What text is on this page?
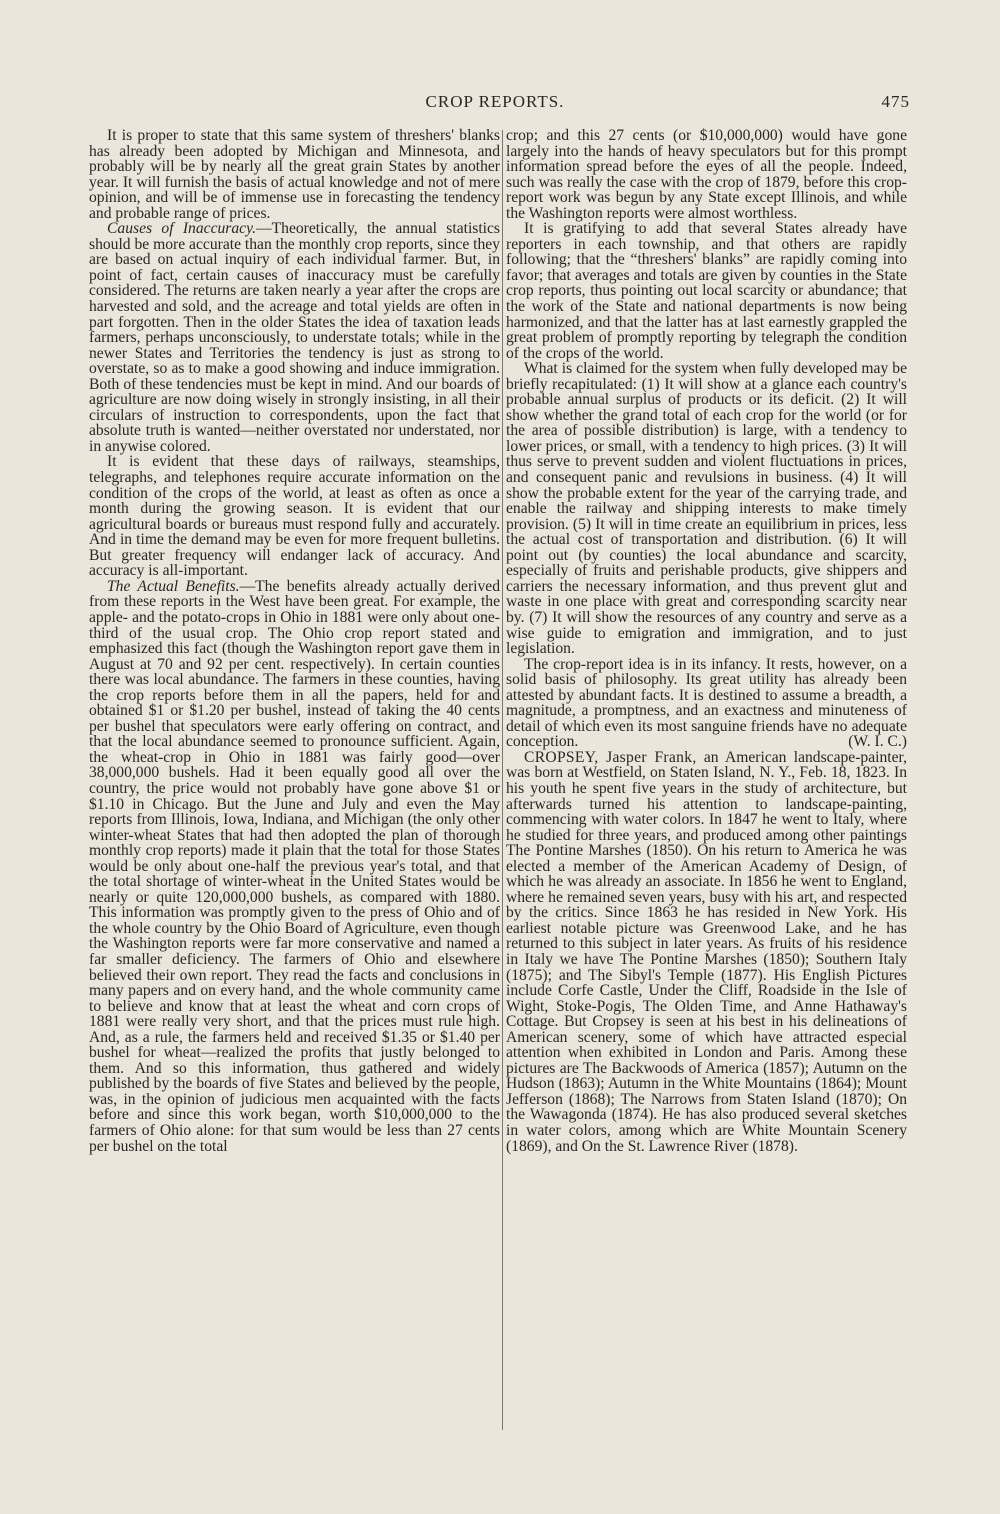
CROP REPORTS.	475

It is proper to state that this same system of threshers' blanks has already been adopted by Michigan and Minnesota, and probably will be by nearly all the great grain States by another year. It will furnish the basis of actual knowledge and not of mere opinion, and will be of immense use in forecasting the tendency and probable range of prices.

Causes of Inaccuracy.—Theoretically, the annual statistics should be more accurate than the monthly crop reports, since they are based on actual inquiry of each individual farmer. But, in point of fact, certain causes of inaccuracy must be carefully considered. The returns are taken nearly a year after the crops are harvested and sold, and the acreage and total yields are often in part forgotten. Then in the older States the idea of taxation leads farmers, perhaps unconsciously, to understate totals; while in the newer States and Territories the tendency is just as strong to overstate, so as to make a good showing and induce immigration. Both of these tendencies must be kept in mind. And our boards of agriculture are now doing wisely in strongly insisting, in all their circulars of instruction to correspondents, upon the fact that absolute truth is wanted—neither overstated nor understated, nor in anywise colored.

It is evident that these days of railways, steamships, telegraphs, and telephones require accurate information on the condition of the crops of the world, at least as often as once a month during the growing season. It is evident that our agricultural boards or bureaus must respond fully and accurately. And in time the demand may be even for more frequent bulletins. But greater frequency will endanger lack of accuracy. And accuracy is all-important.

The Actual Benefits.—The benefits already actually derived from these reports in the West have been great. For example, the apple- and the potato-crops in Ohio in 1881 were only about one-third of the usual crop. The Ohio crop report stated and emphasized this fact (though the Washington report gave them in August at 70 and 92 per cent. respectively). In certain counties there was local abundance. The farmers in these counties, having the crop reports before them in all the papers, held for and obtained $1 or $1.20 per bushel, instead of taking the 40 cents per bushel that speculators were early offering on contract, and that the local abundance seemed to pronounce sufficient. Again, the wheat-crop in Ohio in 1881 was fairly good—over 38,000,000 bushels. Had it been equally good all over the country, the price would not probably have gone above $1 or $1.10 in Chicago. But the June and July and even the May reports from Illinois, Iowa, Indiana, and Michigan (the only other winter-wheat States that had then adopted the plan of thorough monthly crop reports) made it plain that the total for those States would be only about one-half the previous year's total, and that the total shortage of winter-wheat in the United States would be nearly or quite 120,000,000 bushels, as compared with 1880. This information was promptly given to the press of Ohio and of the whole country by the Ohio Board of Agriculture, even though the Washington reports were far more conservative and named a far smaller deficiency. The farmers of Ohio and elsewhere believed their own report. They read the facts and conclusions in many papers and on every hand, and the whole community came to believe and know that at least the wheat and corn crops of 1881 were really very short, and that the prices must rule high. And, as a rule, the farmers held and received $1.35 or $1.40 per bushel for wheat—realized the profits that justly belonged to them. And so this information, thus gathered and widely published by the boards of five States and believed by the people, was, in the opinion of judicious men acquainted with the facts before and since this work began, worth $10,000,000 to the farmers of Ohio alone: for that sum would be less than 27 cents per bushel on the total

crop; and this 27 cents (or $10,000,000) would have gone largely into the hands of heavy speculators but for this prompt information spread before the eyes of all the people. Indeed, such was really the case with the crop of 1879, before this crop-report work was begun by any State except Illinois, and while the Washington reports were almost worthless.

It is gratifying to add that several States already have reporters in each township, and that others are rapidly following; that the “threshers' blanks” are rapidly coming into favor; that averages and totals are given by counties in the State crop reports, thus pointing out local scarcity or abundance; that the work of the State and national departments is now being harmonized, and that the latter has at last earnestly grappled the great problem of promptly reporting by telegraph the condition of the crops of the world.

What is claimed for the system when fully developed may be briefly recapitulated: (1) It will show at a glance each country's probable annual surplus of products or its deficit. (2) It will show whether the grand total of each crop for the world (or for the area of possible distribution) is large, with a tendency to lower prices, or small, with a tendency to high prices. (3) It will thus serve to prevent sudden and violent fluctuations in prices, and consequent panic and revulsions in business. (4) It will show the probable extent for the year of the carrying trade, and enable the railway and shipping interests to make timely provision. (5) It will in time create an equilibrium in prices, less the actual cost of transportation and distribution. (6) It will point out (by counties) the local abundance and scarcity, especially of fruits and perishable products, give shippers and carriers the necessary information, and thus prevent glut and waste in one place with great and corresponding scarcity near by. (7) It will show the resources of any country and serve as a wise guide to emigration and immigration, and to just legislation.

The crop-report idea is in its infancy. It rests, however, on a solid basis of philosophy. Its great utility has already been attested by abundant facts. It is destined to assume a breadth, a magnitude, a promptness, and an exactness and minuteness of detail of which even its most sanguine friends have no adequate conception.	(W. I. C.)

CROPSEY, Jasper Frank, an American landscape-painter, was born at Westfield, on Staten Island, N. Y., Feb. 18, 1823. In his youth he spent five years in the study of architecture, but afterwards turned his attention to landscape-painting, commencing with water colors. In 1847 he went to Italy, where he studied for three years, and produced among other paintings The Pontine Marshes (1850). On his return to America he was elected a member of the American Academy of Design, of which he was already an associate. In 1856 he went to England, where he remained seven years, busy with his art, and respected by the critics. Since 1863 he has resided in New York. His earliest notable picture was Greenwood Lake, and he has returned to this subject in later years. As fruits of his residence in Italy we have The Pontine Marshes (1850); Southern Italy (1875); and The Sibyl's Temple (1877). His English Pictures include Corfe Castle, Under the Cliff, Roadside in the Isle of Wight, Stoke-Pogis, The Olden Time, and Anne Hathaway's Cottage. But Cropsey is seen at his best in his delineations of American scenery, some of which have attracted especial attention when exhibited in London and Paris. Among these pictures are The Backwoods of America (1857); Autumn on the Hudson (1863); Autumn in the White Mountains (1864); Mount Jefferson (1868); The Narrows from Staten Island (1870); On the Wawagonda (1874). He has also produced several sketches in water colors, among which are White Mountain Scenery (1869), and On the St. Lawrence River (1878).
